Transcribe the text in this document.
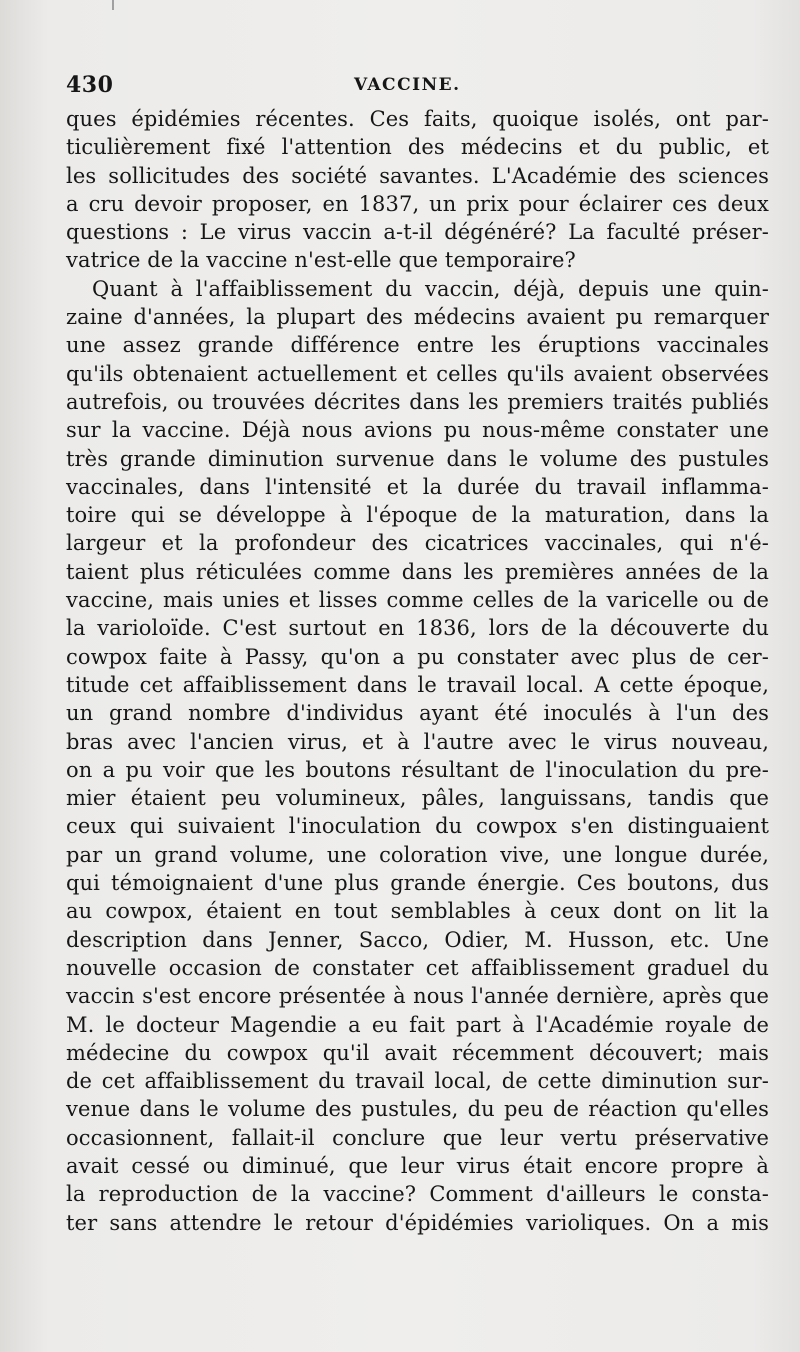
430	VACCINE.
ques épidémies récentes. Ces faits, quoique isolés, ont par-
ticulièrement fixé l'attention des médecins et du public, et
les sollicitudes des société savantes. L'Académie des sciences
a cru devoir proposer, en 1837, un prix pour éclairer ces deux
questions : Le virus vaccin a-t-il dégénéré? La faculté préser-
vatrice de la vaccine n'est-elle que temporaire?
Quant à l'affaiblissement du vaccin, déjà, depuis une quin-
zaine d'années, la plupart des médecins avaient pu remarquer
une assez grande différence entre les éruptions vaccinales
qu'ils obtenaient actuellement et celles qu'ils avaient observées
autrefois, ou trouvées décrites dans les premiers traités publiés
sur la vaccine. Déjà nous avions pu nous-même constater une
très grande diminution survenue dans le volume des pustules
vaccinales, dans l'intensité et la durée du travail inflamma-
toire qui se développe à l'époque de la maturation, dans la
largeur et la profondeur des cicatrices vaccinales, qui n'é-
taient plus réticulées comme dans les premières années de la
vaccine, mais unies et lisses comme celles de la varicelle ou de
la varioloïde. C'est surtout en 1836, lors de la découverte du
cowpox faite à Passy, qu'on a pu constater avec plus de cer-
titude cet affaiblissement dans le travail local. A cette époque,
un grand nombre d'individus ayant été inoculés à l'un des
bras avec l'ancien virus, et à l'autre avec le virus nouveau,
on a pu voir que les boutons résultant de l'inoculation du pre-
mier étaient peu volumineux, pâles, languissans, tandis que
ceux qui suivaient l'inoculation du cowpox s'en distinguaient
par un grand volume, une coloration vive, une longue durée,
qui témoignaient d'une plus grande énergie. Ces boutons, dus
au cowpox, étaient en tout semblables à ceux dont on lit la
description dans Jenner, Sacco, Odier, M. Husson, etc. Une
nouvelle occasion de constater cet affaiblissement graduel du
vaccin s'est encore présentée à nous l'année dernière, après que
M. le docteur Magendie a eu fait part à l'Académie royale de
médecine du cowpox qu'il avait récemment découvert; mais
de cet affaiblissement du travail local, de cette diminution sur-
venue dans le volume des pustules, du peu de réaction qu'elles
occasionnent, fallait-il conclure que leur vertu préservative
avait cessé ou diminué, que leur virus était encore propre à
la reproduction de la vaccine? Comment d'ailleurs le consta-
ter sans attendre le retour d'épidémies varioliques. On a mis
